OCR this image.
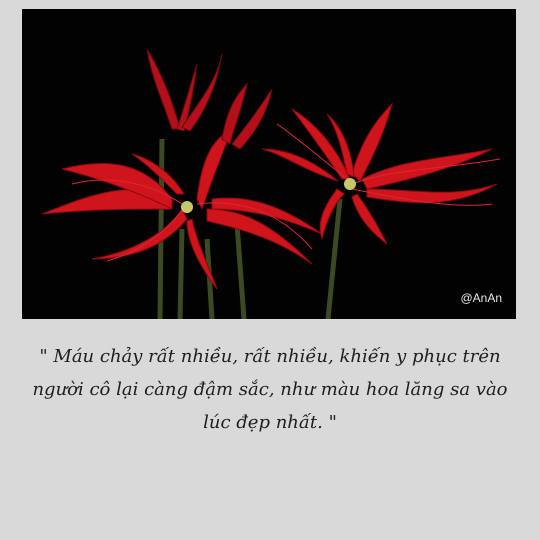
@AnAn
" Máu chảy rất nhiều, rất nhiều, khiến y phục trên người cô lại càng đậm sắc, như màu hoa lăng sa vào lúc đẹp nhất. "
